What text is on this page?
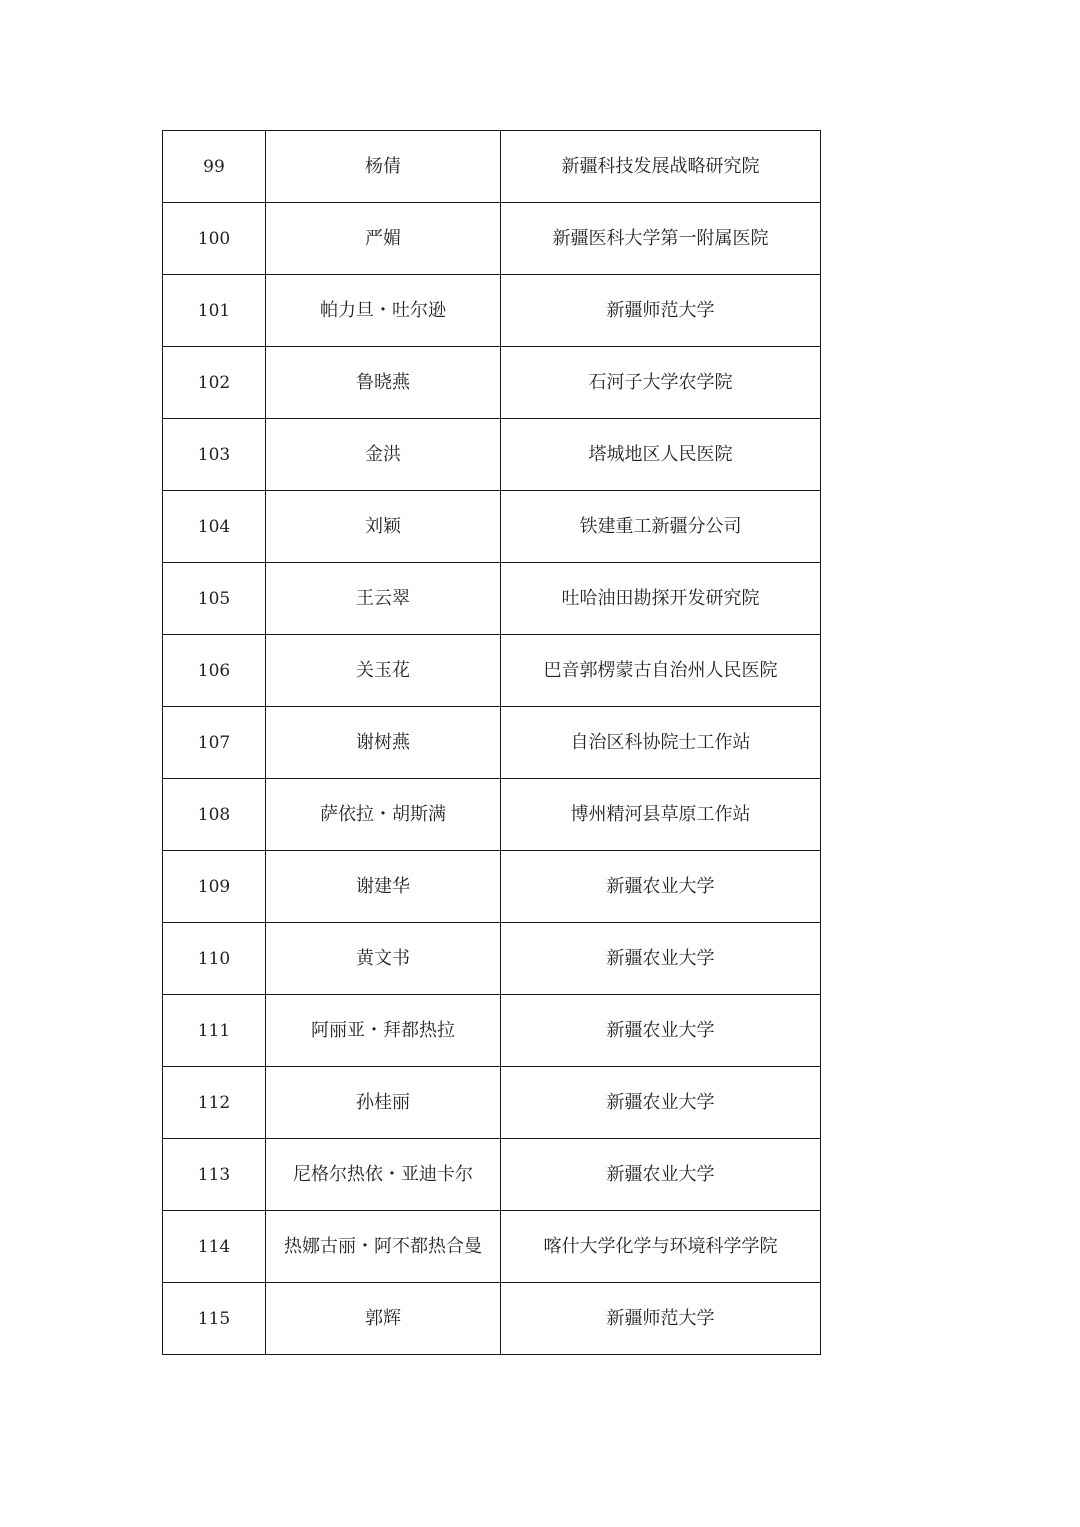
99	杨倩	新疆科技发展战略研究院
100	严媚	新疆医科大学第一附属医院
101	帕力旦・吐尔逊	新疆师范大学
102	鲁晓燕	石河子大学农学院
103	金洪	塔城地区人民医院
104	刘颖	铁建重工新疆分公司
105	王云翠	吐哈油田勘探开发研究院
106	关玉花	巴音郭楞蒙古自治州人民医院
107	谢树燕	自治区科协院士工作站
108	萨依拉・胡斯满	博州精河县草原工作站
109	谢建华	新疆农业大学
110	黄文书	新疆农业大学
111	阿丽亚・拜都热拉	新疆农业大学
112	孙桂丽	新疆农业大学
113	尼格尔热依・亚迪卡尔	新疆农业大学
114	热娜古丽・阿不都热合曼	喀什大学化学与环境科学学院
115	郭辉	新疆师范大学
